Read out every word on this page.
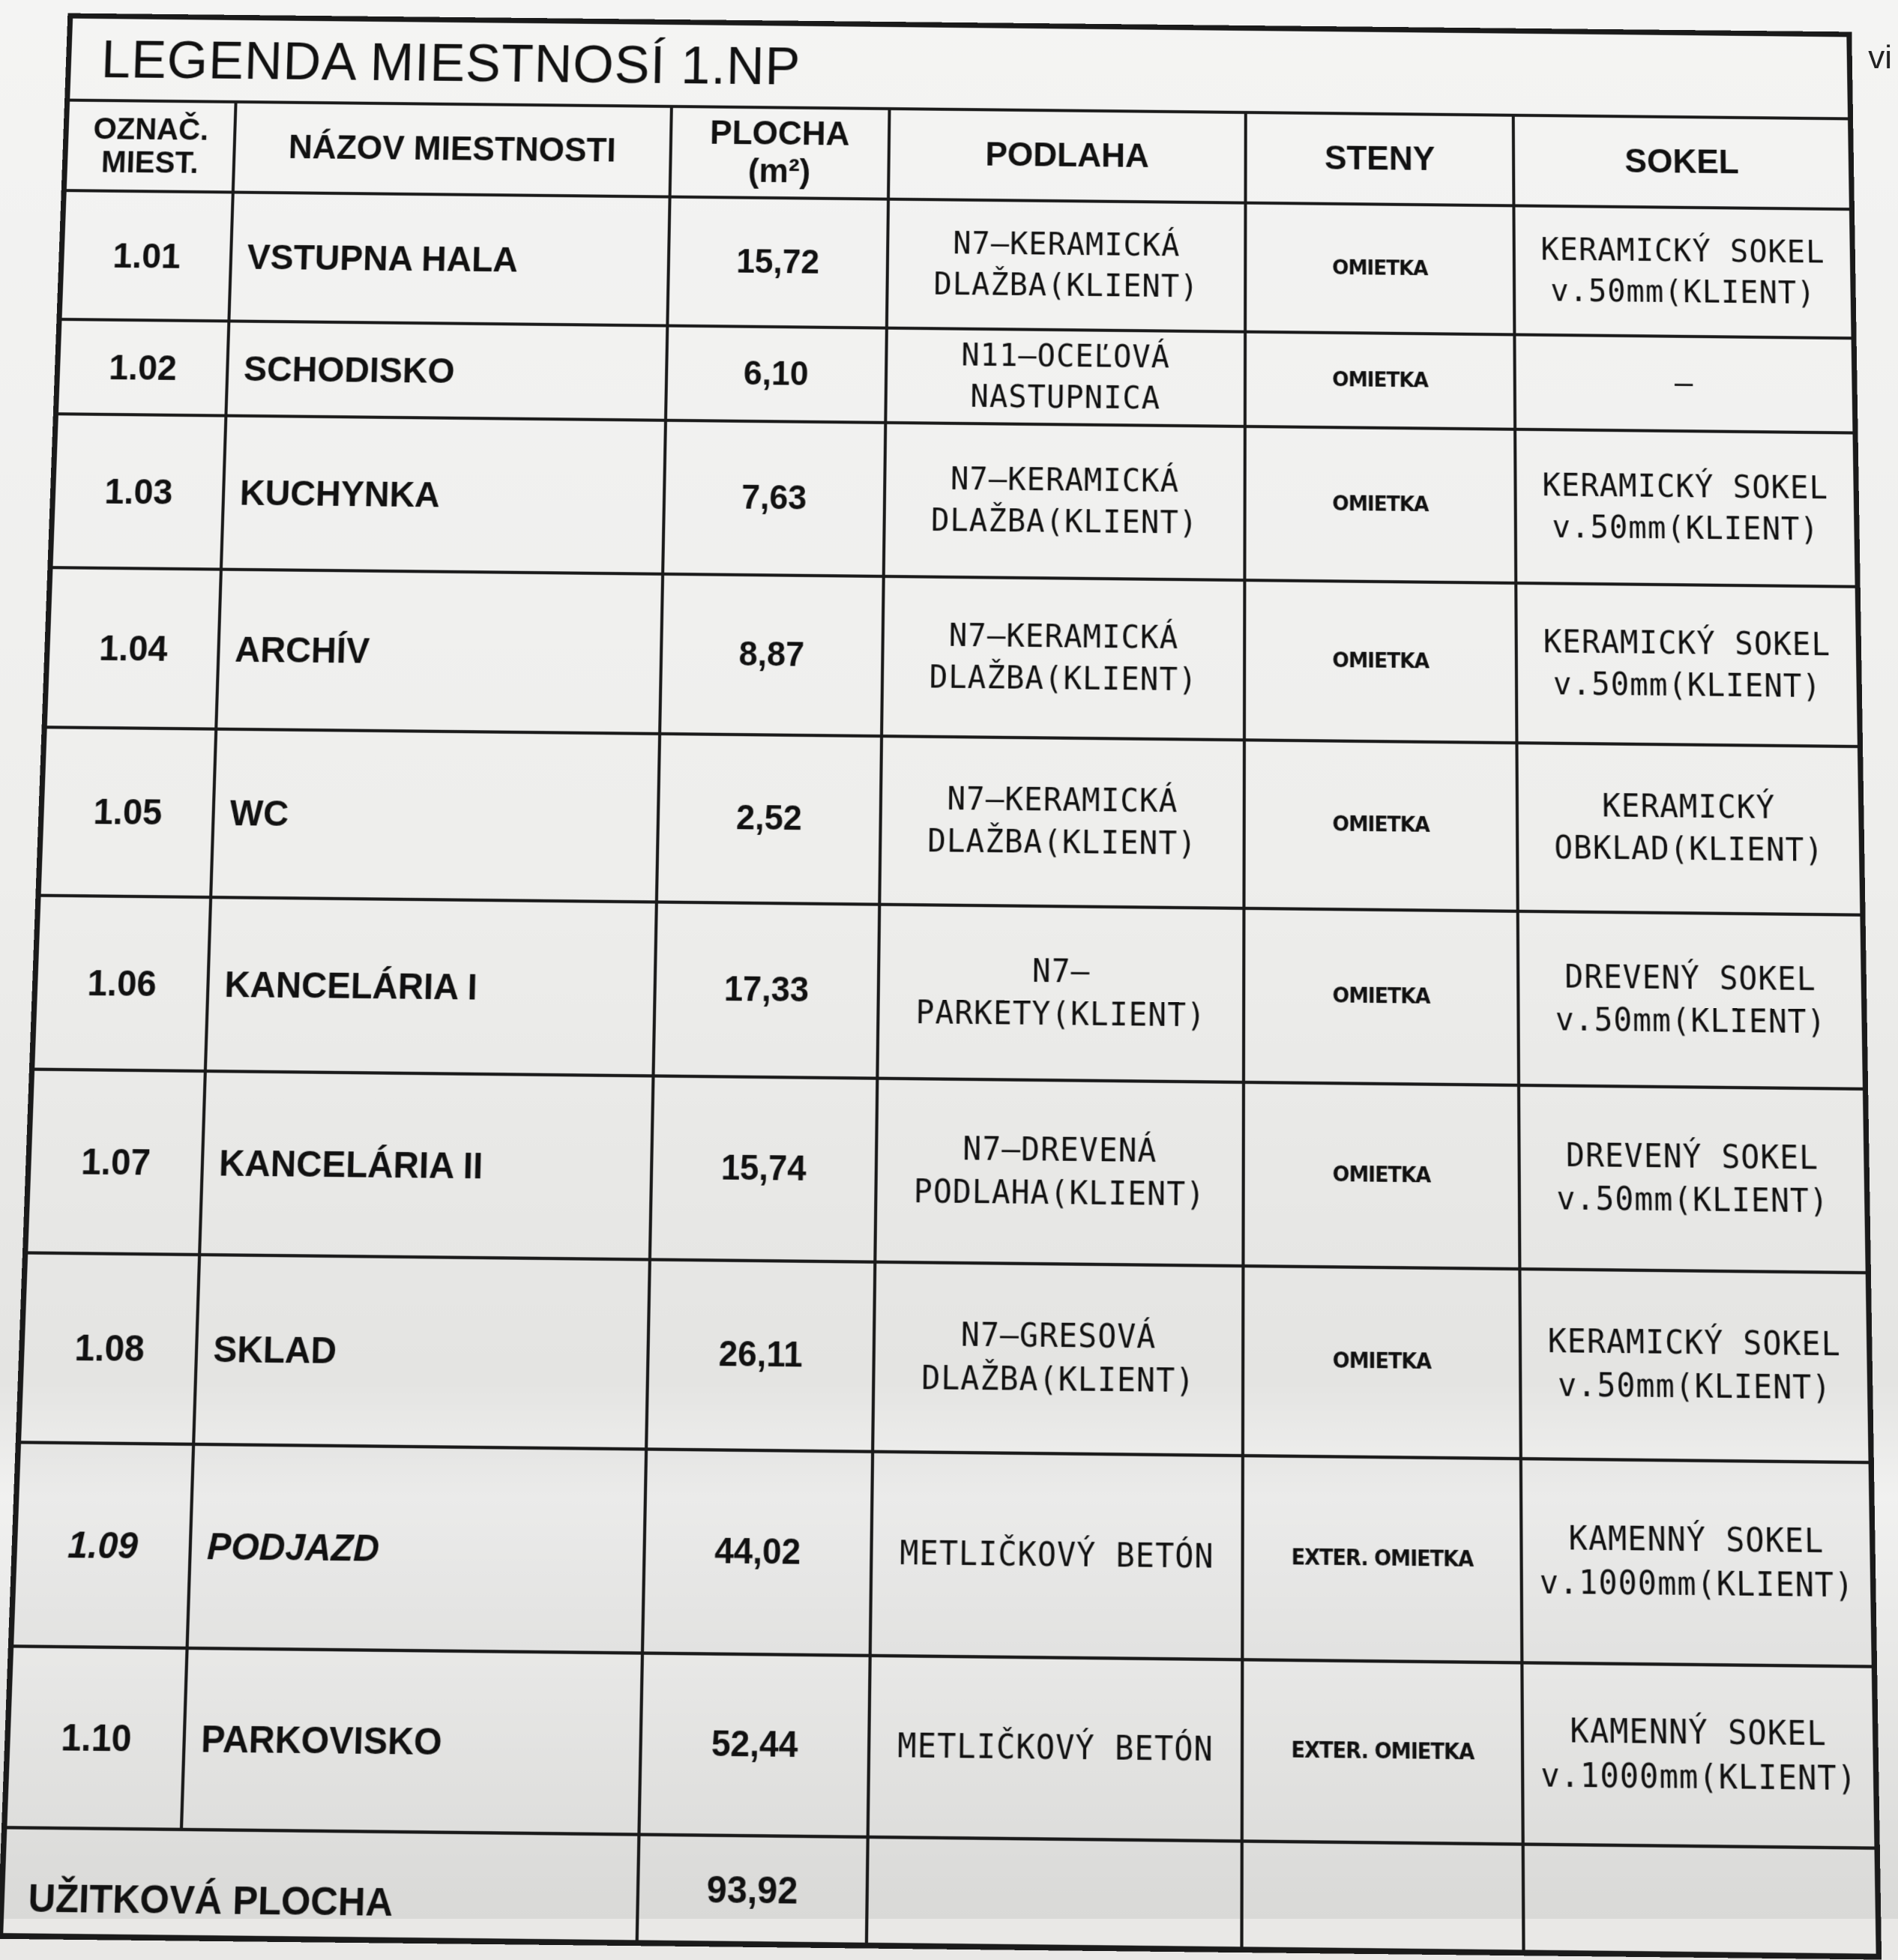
vi
LEGENDA MIESTNOSÍ 1.NP					
OZNAČ. MIEST.	NÁZOV MIESTNOSTI	PLOCHA (m²)	PODLAHA	STENY	SOKEL
1.01	VSTUPNA HALA	15,72	N7–KERAMICKÁ DLAŽBA(KLIENT)	OMIETKA	KERAMICKÝ SOKEL v.50mm(KLIENT)
1.02	SCHODISKO	6,10	N11–OCEĽOVÁ NASTUPNICA	OMIETKA	–
1.03	KUCHYNKA	7,63	N7–KERAMICKÁ DLAŽBA(KLIENT)	OMIETKA	KERAMICKÝ SOKEL v.50mm(KLIENT)
1.04	ARCHÍV	8,87	N7–KERAMICKÁ DLAŽBA(KLIENT)	OMIETKA	KERAMICKÝ SOKEL v.50mm(KLIENT)
1.05	WC	2,52	N7–KERAMICKÁ DLAŽBA(KLIENT)	OMIETKA	KERAMICKÝ OBKLAD(KLIENT)
1.06	KANCELÁRIA I	17,33	N7–PARKETY(KLIENT)	OMIETKA	DREVENÝ SOKEL v.50mm(KLIENT)
1.07	KANCELÁRIA II	15,74	N7–DREVENÁ PODLAHA(KLIENT)	OMIETKA	DREVENÝ SOKEL v.50mm(KLIENT)
1.08	SKLAD	26,11	N7–GRESOVÁ DLAŽBA(KLIENT)	OMIETKA	KERAMICKÝ SOKEL v.50mm(KLIENT)
1.09	PODJAZD	44,02	METLIČKOVÝ BETÓN	EXTER. OMIETKA	KAMENNÝ SOKEL v.1000mm(KLIENT)
1.10	PARKOVISKO	52,44	METLIČKOVÝ BETÓN	EXTER. OMIETKA	KAMENNÝ SOKEL v.1000mm(KLIENT)
UŽITKOVÁ PLOCHA		93,92			
